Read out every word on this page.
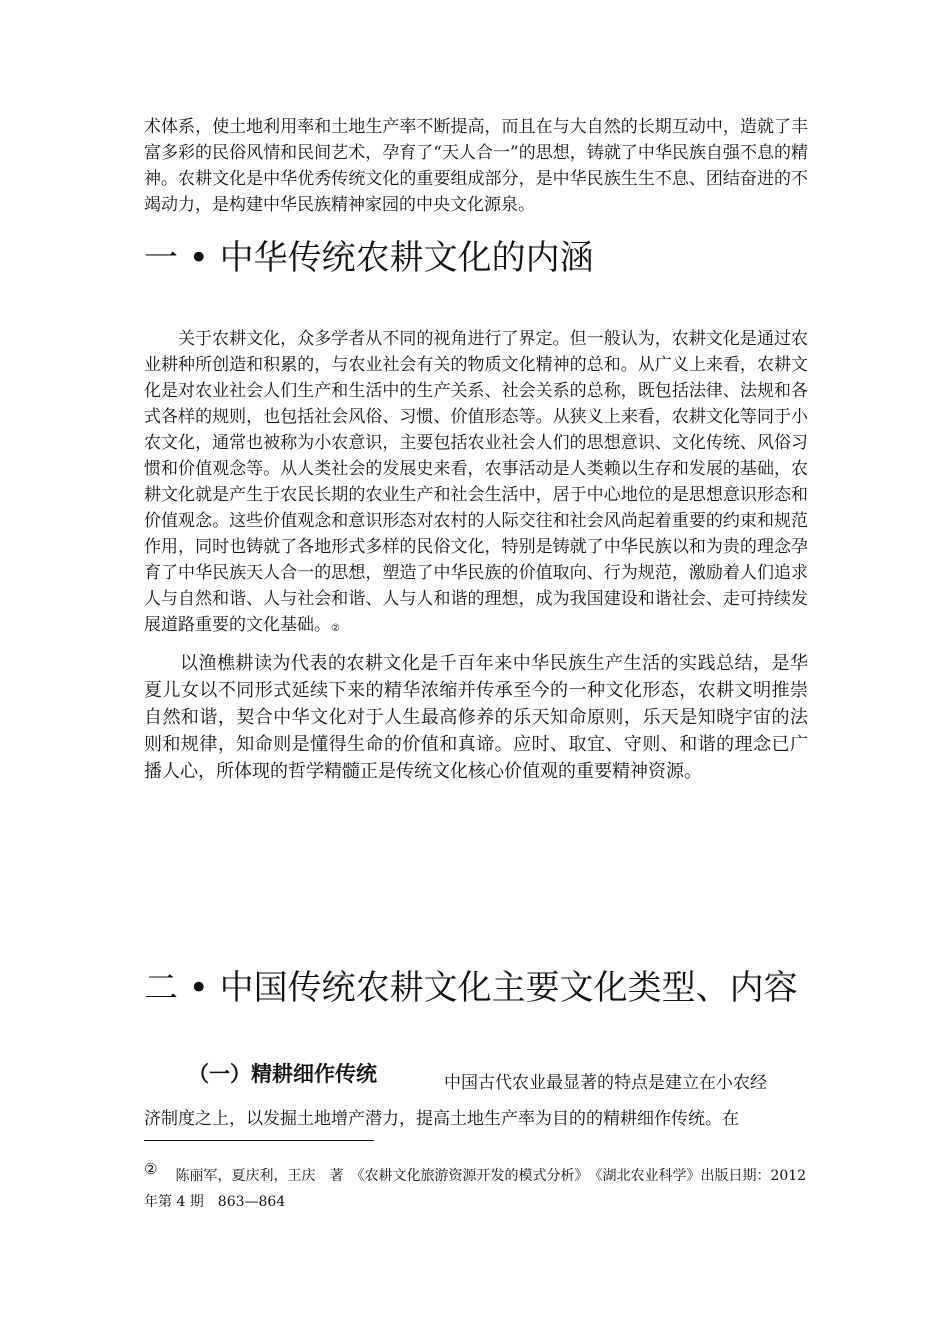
术体系，使土地利用率和土地生产率不断提高，而且在与大自然的长期互动中，造就了丰富多彩的民俗风情和民间艺术，孕育了“天人合一”的思想，铸就了中华民族自强不息的精神。农耕文化是中华优秀传统文化的重要组成部分，是中华民族生生不息、团结奋进的不竭动力，是构建中华民族精神家园的中央文化源泉。

一 • 中华传统农耕文化的内涵

关于农耕文化，众多学者从不同的视角进行了界定。但一般认为，农耕文化是通过农业耕种所创造和积累的，与农业社会有关的物质文化精神的总和。从广义上来看，农耕文化是对农业社会人们生产和生活中的生产关系、社会关系的总称，既包括法律、法规和各式各样的规则，也包括社会风俗、习惯、价值形态等。从狭义上来看，农耕文化等同于小农文化，通常也被称为小农意识，主要包括农业社会人们的思想意识、文化传统、风俗习惯和价值观念等。从人类社会的发展史来看，农事活动是人类赖以生存和发展的基础，农耕文化就是产生于农民长期的农业生产和社会生活中，居于中心地位的是思想意识形态和价值观念。这些价值观念和意识形态对农村的人际交往和社会风尚起着重要的约束和规范作用，同时也铸就了各地形式多样的民俗文化，特别是铸就了中华民族以和为贵的理念孕育了中华民族天人合一的思想，塑造了中华民族的价值取向、行为规范，激励着人们追求人与自然和谐、人与社会和谐、人与人和谐的理想，成为我国建设和谐社会、走可持续发展道路重要的文化基础。②

以渔樵耕读为代表的农耕文化是千百年来中华民族生产生活的实践总结，是华夏儿女以不同形式延续下来的精华浓缩并传承至今的一种文化形态，农耕文明推崇自然和谐，契合中华文化对于人生最高修养的乐天知命原则，乐天是知晓宇宙的法则和规律，知命则是懂得生命的价值和真谛。应时、取宜、守则、和谐的理念已广播人心，所体现的哲学精髓正是传统文化核心价值观的重要精神资源。

二 • 中国传统农耕文化主要文化类型、内容
（一）精耕细作传统	中国古代农业最显著的特点是建立在小农经

济制度之上，以发掘土地增产潜力，提高土地生产率为目的的精耕细作传统。在

② 陈丽军，夏庆利，王庆　著　《农耕文化旅游资源开发的模式分析》　《湖北农业科学》出版日期：2012 年第 4 期　863—864
